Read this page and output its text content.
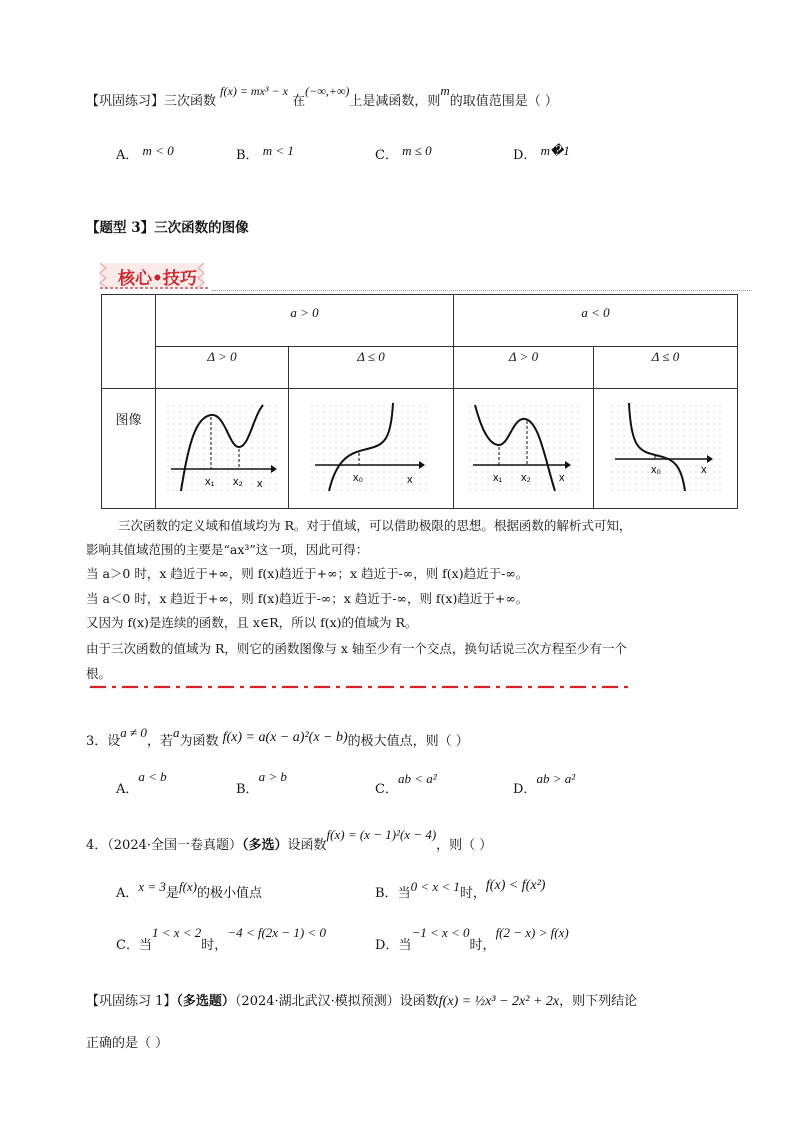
【巩固练习】三次函数 f(x) = mx³ − x 在(−∞,+∞)上是减函数，则m的取值范围是（ ）
A． m < 0	B． m < 1	C． m ≤ 0	D． m�1
【题型 3】三次函数的图像
核心•技巧
	a > 0		a < 0	
	Δ > 0	Δ ≤ 0	Δ > 0	Δ ≤ 0
图像	x₁ x₂ x	x₀ x	x₁ x₂ x	x₀ x
三次函数的定义域和值域均为 R。对于值域，可以借助极限的思想。根据函数的解析式可知，
影响其值域范围的主要是“ax³”这一项，因此可得：
当 a＞0 时，x 趋近于+∞，则 f(x)趋近于+∞；x 趋近于-∞，则 f(x)趋近于-∞。
当 a＜0 时，x 趋近于+∞，则 f(x)趋近于-∞；x 趋近于-∞，则 f(x)趋近于+∞。
又因为 f(x)是连续的函数，且 x∈R，所以 f(x)的值域为 R。
由于三次函数的值域为 R，则它的函数图像与 x 轴至少有一个交点，换句话说三次方程至少有一个
根。
3．设a ≠ 0，若a为函数 f(x) = a(x − a)²(x − b)的极大值点，则（ ）
A．a < b
B．a > b
C．ab < a²
D．ab > a²
4．（2024·全国一卷真题）（多选）设函数f(x) = (x − 1)²(x − 4)，则（ ）
A．x = 3是f(x)的极小值点	B．当0 < x < 1时，f(x) < f(x²)
C．当1 < x < 2时，−4 < f(2x − 1) < 0
D．当−1 < x < 0时，f(2 − x) > f(x)
【巩固练习 1】（多选题）（2024·湖北武汉·模拟预测）设函数f(x) = ½x³ − 2x² + 2x，则下列结论
正确的是（ ）
